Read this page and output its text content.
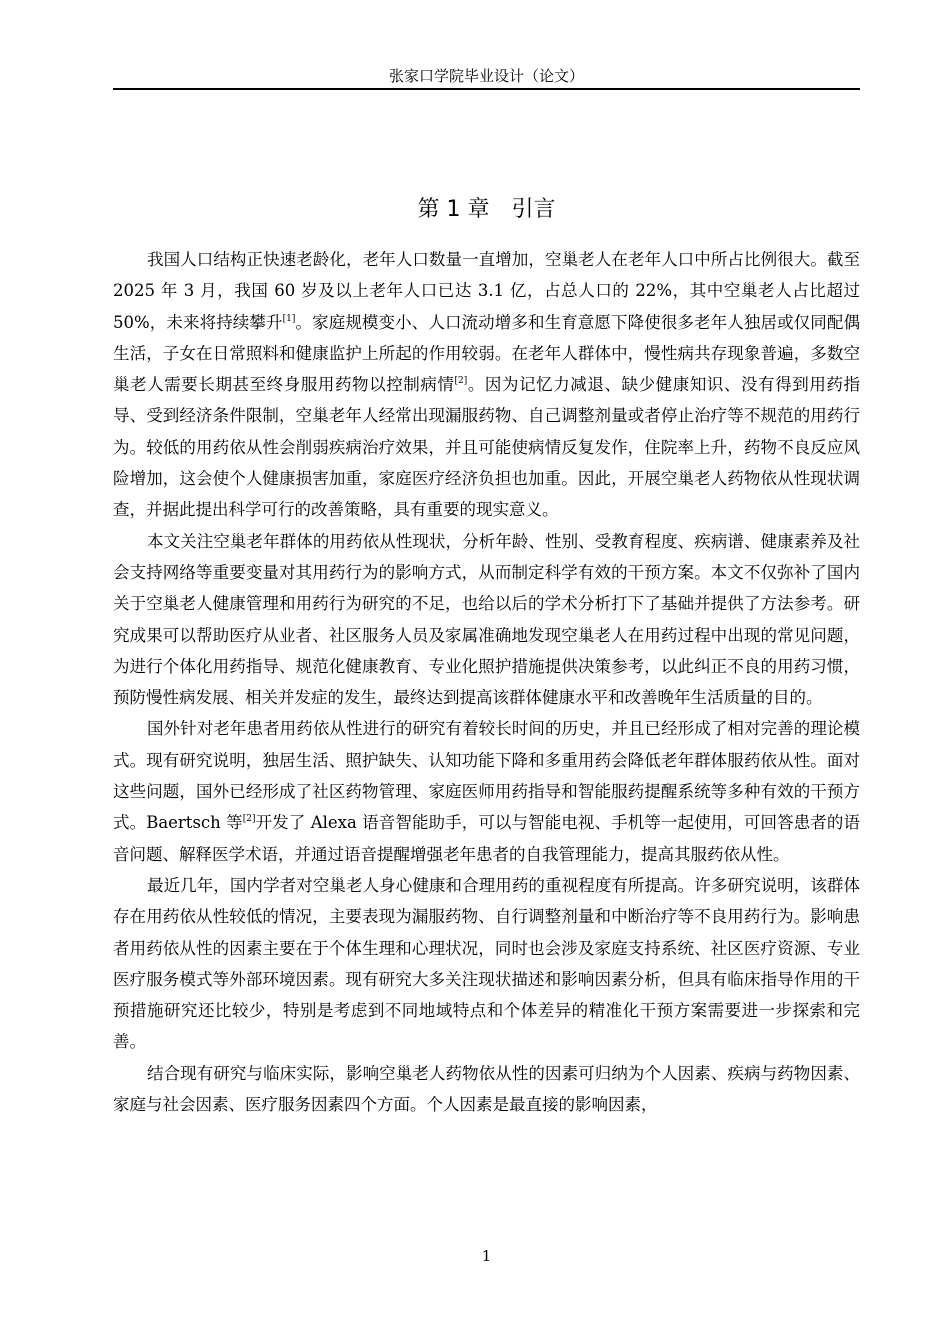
张家口学院毕业设计（论文）
第 1 章 引言

我国人口结构正快速老龄化，老年人口数量一直增加，空巢老人在老年人口中所占比例很大。截至 2025 年 3 月，我国 60 岁及以上老年人口已达 3.1 亿，占总人口的 22%，其中空巢老人占比超过 50%，未来将持续攀升[1]。家庭规模变小、人口流动增多和生育意愿下降使很多老年人独居或仅同配偶生活，子女在日常照料和健康监护上所起的作用较弱。在老年人群体中，慢性病共存现象普遍，多数空巢老人需要长期甚至终身服用药物以控制病情[2]。因为记忆力减退、缺少健康知识、没有得到用药指导、受到经济条件限制，空巢老年人经常出现漏服药物、自己调整剂量或者停止治疗等不规范的用药行为。较低的用药依从性会削弱疾病治疗效果，并且可能使病情反复发作，住院率上升，药物不良反应风险增加，这会使个人健康损害加重，家庭医疗经济负担也加重。因此，开展空巢老人药物依从性现状调查，并据此提出科学可行的改善策略，具有重要的现实意义。

本文关注空巢老年群体的用药依从性现状，分析年龄、性别、受教育程度、疾病谱、健康素养及社会支持网络等重要变量对其用药行为的影响方式，从而制定科学有效的干预方案。本文不仅弥补了国内关于空巢老人健康管理和用药行为研究的不足，也给以后的学术分析打下了基础并提供了方法参考。研究成果可以帮助医疗从业者、社区服务人员及家属准确地发现空巢老人在用药过程中出现的常见问题，为进行个体化用药指导、规范化健康教育、专业化照护措施提供决策参考，以此纠正不良的用药习惯，预防慢性病发展、相关并发症的发生，最终达到提高该群体健康水平和改善晚年生活质量的目的。

国外针对老年患者用药依从性进行的研究有着较长时间的历史，并且已经形成了相对完善的理论模式。现有研究说明，独居生活、照护缺失、认知功能下降和多重用药会降低老年群体服药依从性。面对这些问题，国外已经形成了社区药物管理、家庭医师用药指导和智能服药提醒系统等多种有效的干预方式。Baertsch 等[2]开发了 Alexa 语音智能助手，可以与智能电视、手机等一起使用，可回答患者的语音问题、解释医学术语，并通过语音提醒增强老年患者的自我管理能力，提高其服药依从性。

最近几年，国内学者对空巢老人身心健康和合理用药的重视程度有所提高。许多研究说明，该群体存在用药依从性较低的情况，主要表现为漏服药物、自行调整剂量和中断治疗等不良用药行为。影响患者用药依从性的因素主要在于个体生理和心理状况，同时也会涉及家庭支持系统、社区医疗资源、专业医疗服务模式等外部环境因素。现有研究大多关注现状描述和影响因素分析，但具有临床指导作用的干预措施研究还比较少，特别是考虑到不同地域特点和个体差异的精准化干预方案需要进一步探索和完善。

结合现有研究与临床实际，影响空巢老人药物依从性的因素可归纳为个人因素、疾病与药物因素、家庭与社会因素、医疗服务因素四个方面。个人因素是最直接的影响因素，

1
